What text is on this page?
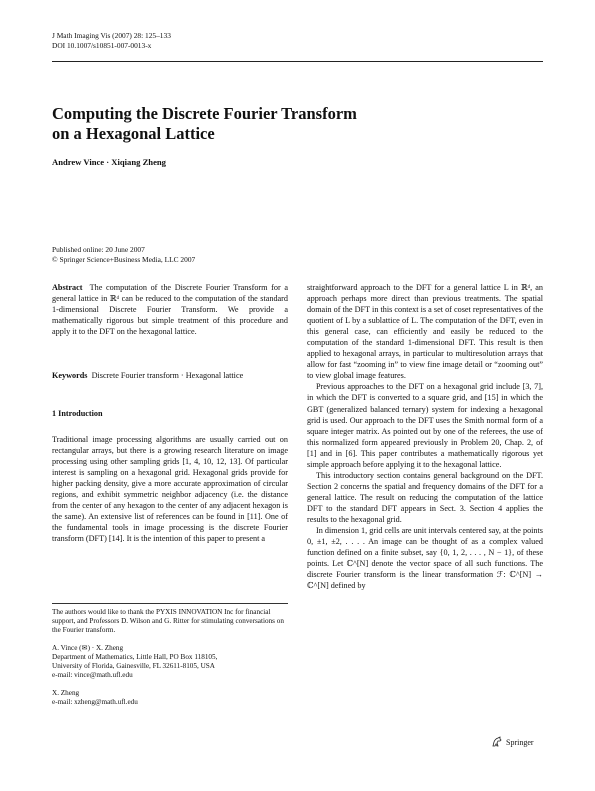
J Math Imaging Vis (2007) 28: 125–133
DOI 10.1007/s10851-007-0013-x
Computing the Discrete Fourier Transform
on a Hexagonal Lattice
Andrew Vince · Xiqiang Zheng
Published online: 20 June 2007
© Springer Science+Business Media, LLC 2007

Abstract The computation of the Discrete Fourier Transform for a general lattice in ℝᵈ can be reduced to the computation of the standard 1-dimensional Discrete Fourier Transform. We provide a mathematically rigorous but simple treatment of this procedure and apply it to the DFT on the hexagonal lattice.

Keywords Discrete Fourier transform · Hexagonal lattice

1 Introduction

Traditional image processing algorithms are usually carried out on rectangular arrays, but there is a growing research literature on image processing using other sampling grids [1, 4, 10, 12, 13]. Of particular interest is sampling on a hexagonal grid. Hexagonal grids provide for higher packing density, give a more accurate approximation of circular regions, and exhibit symmetric neighbor adjacency (i.e. the distance from the center of any hexagon to the center of any adjacent hexagon is the same). An extensive list of references can be found in [11]. One of the fundamental tools in image processing is the discrete Fourier transform (DFT) [14]. It is the intention of this paper to present a

The authors would like to thank the PYXIS INNOVATION Inc for financial support, and Professors D. Wilson and G. Ritter for stimulating conversations on the Fourier transform.

A. Vince (✉) · X. Zheng

Department of Mathematics, Little Hall, PO Box 118105,

University of Florida, Gainesville, FL 32611-8105, USA

e-mail: vince@math.ufl.edu

X. Zheng

e-mail: xzheng@math.ufl.edu

straightforward approach to the DFT for a general lattice L in ℝᵈ, an approach perhaps more direct than previous treatments. The spatial domain of the DFT in this context is a set of coset representatives of the quotient of L by a sublattice of L. The computation of the DFT, even in this general case, can efficiently and easily be reduced to the computation of the standard 1-dimensional DFT. This result is then applied to hexagonal arrays, in particular to multiresolution arrays that allow for fast “zooming in” to view fine image detail or “zooming out” to view global image features.

Previous approaches to the DFT on a hexagonal grid include [3, 7], in which the DFT is converted to a square grid, and [15] in which the GBT (generalized balanced ternary) system for indexing a hexagonal grid is used. Our approach to the DFT uses the Smith normal form of a square integer matrix. As pointed out by one of the referees, the use of this normalized form appeared previously in Problem 20, Chap. 2, of [1] and in [6]. This paper contributes a mathematically rigorous yet simple approach before applying it to the hexagonal lattice.

This introductory section contains general background on the DFT. Section 2 concerns the spatial and frequency domains of the DFT for a general lattice. The result on reducing the computation of the lattice DFT to the standard DFT appears in Sect. 3. Section 4 applies the results to the hexagonal grid.

In dimension 1, grid cells are unit intervals centered say, at the points 0, ±1, ±2, . . . . An image can be thought of as a complex valued function defined on a finite subset, say {0, 1, 2, . . . , N − 1}, of these points. Let ℂ^[N] denote the vector space of all such functions. The discrete Fourier transform is the linear transformation ℱ: ℂ^[N] → ℂ^[N] defined by

Springer
